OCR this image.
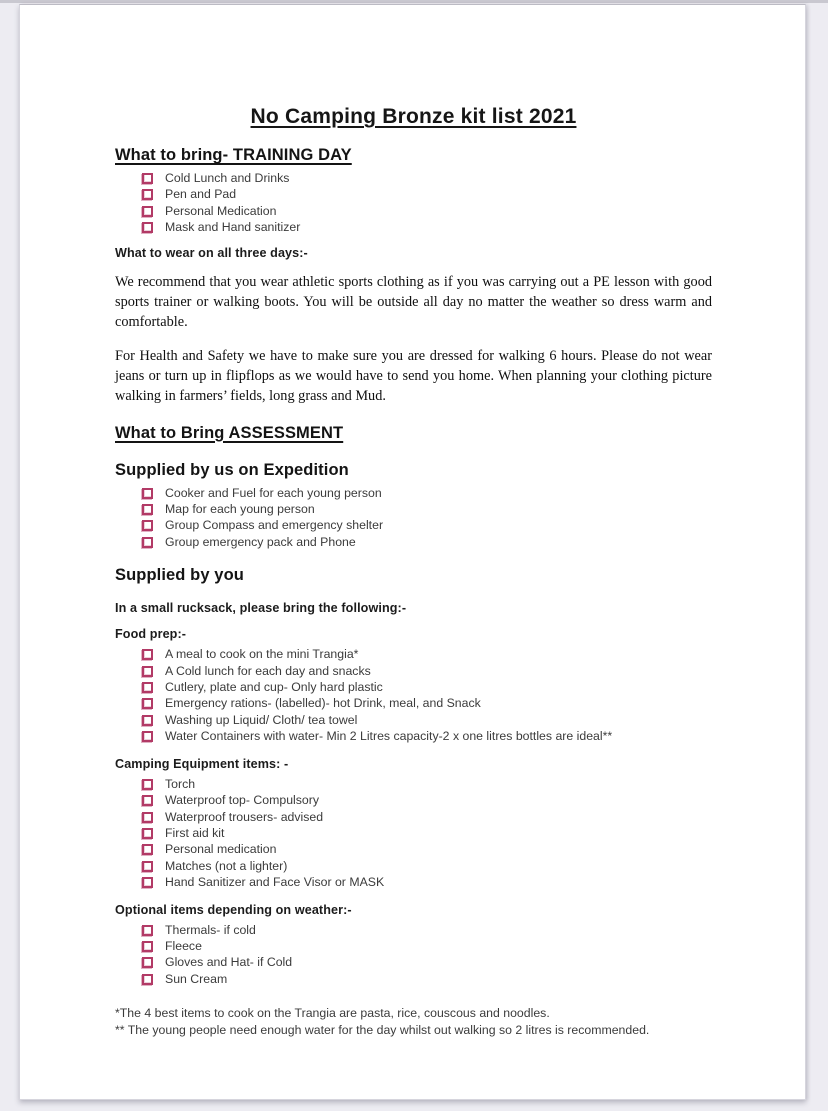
No Camping Bronze kit list 2021
What to bring- TRAINING DAY
Cold Lunch and Drinks
Pen and Pad
Personal Medication
Mask and Hand sanitizer

What to wear on all three days:-

We recommend that you wear athletic sports clothing as if you was carrying out a PE lesson with good sports trainer or walking boots. You will be outside all day no matter the weather so dress warm and comfortable.

For Health and Safety we have to make sure you are dressed for walking 6 hours. Please do not wear jeans or turn up in flipflops as we would have to send you home. When planning your clothing picture walking in farmers’ fields, long grass and Mud.

What to Bring ASSESSMENT
Supplied by us on Expedition
Cooker and Fuel for each young person
Map for each young person
Group Compass and emergency shelter
Group emergency pack and Phone
Supplied by you

In a small rucksack, please bring the following:-

Food prep:-

A meal to cook on the mini Trangia*
A Cold lunch for each day and snacks
Cutlery, plate and cup- Only hard plastic
Emergency rations- (labelled)- hot Drink, meal, and Snack
Washing up Liquid/ Cloth/ tea towel
Water Containers with water- Min 2 Litres capacity-2 x one litres bottles are ideal**

Camping Equipment items: -

Torch
Waterproof top- Compulsory
Waterproof trousers- advised
First aid kit
Personal medication
Matches (not a lighter)
Hand Sanitizer and Face Visor or MASK

Optional items depending on weather:-

Thermals- if cold
Fleece
Gloves and Hat- if Cold
Sun Cream

*The 4 best items to cook on the Trangia are pasta, rice, couscous and noodles.

** The young people need enough water for the day whilst out walking so 2 litres is recommended.
